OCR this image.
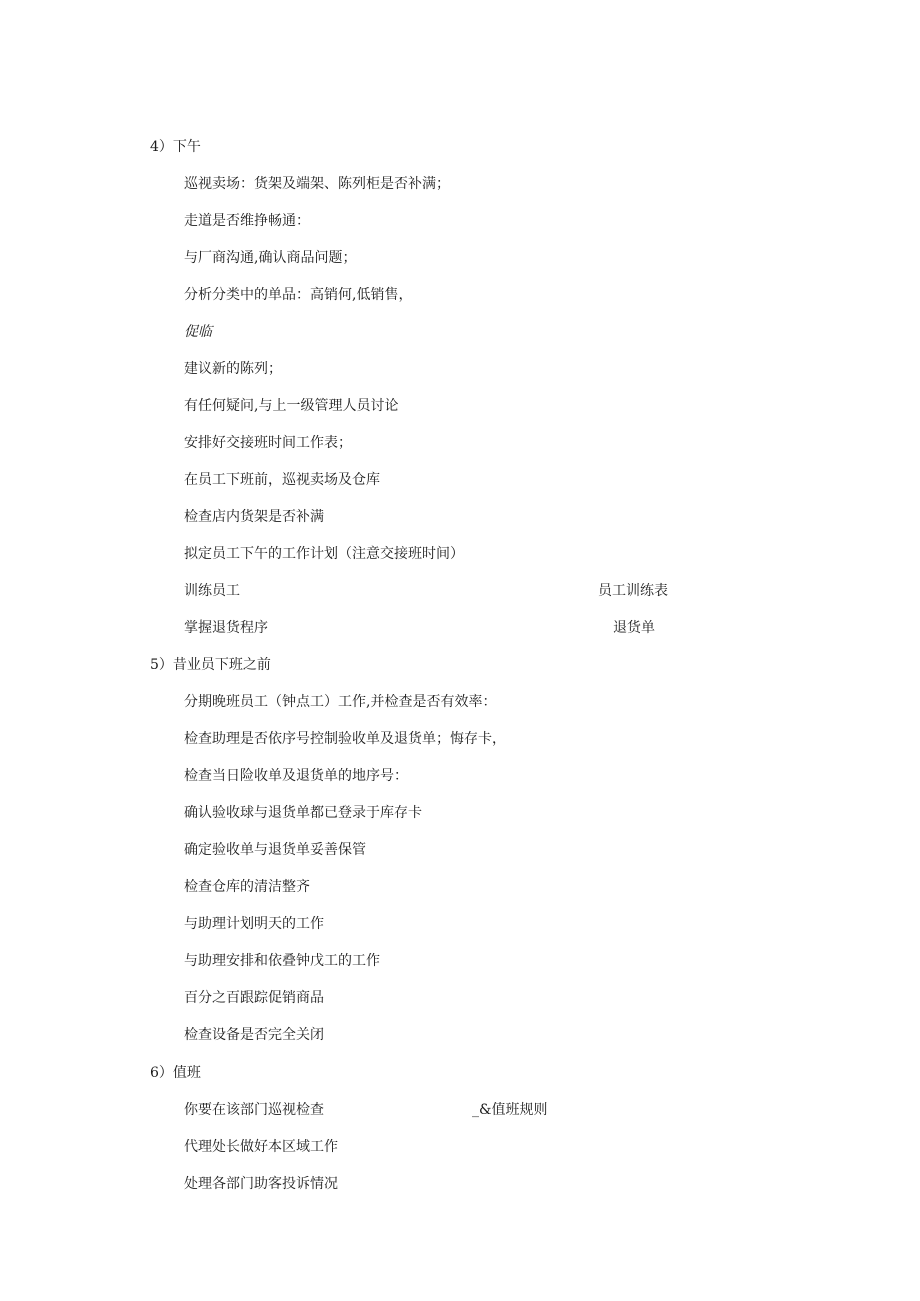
4）下午
巡视卖场：货架及端架、陈列柜是否补满；
走道是否维挣畅通：
与厂商沟通,确认商品问题；
分析分类中的单品：高销何,低销售，
促临
建议新的陈列；
有任何疑问,与上一级管理人员讨论
安排好交接班时间工作表；
在员工下班前，巡视卖场及仓库
检查店内货架是否补满
拟定员工下午的工作计划（注意交接班时间）
训练员工	员工训练表
掌握退货程序	退货单
5）昔业员下班之前
分期晚班员工（钟点工）工作,并检查是否有效率：
检查助理是否依序号控制验收单及退货单；悔存卡，
检查当日险收单及退货单的地序号：
确认验收球与退货单都已登录于库存卡
确定验收单与退货单妥善保管
检查仓库的清洁整齐
与助理计划明天的工作
与助理安排和依叠钟戊工的工作
百分之百跟踪促销商品
检查设备是否完全关闭
6）值班
你要在该部门巡视检查	_&值班规则
代理处长做好本区域工作
处理各部门助客投诉情况
